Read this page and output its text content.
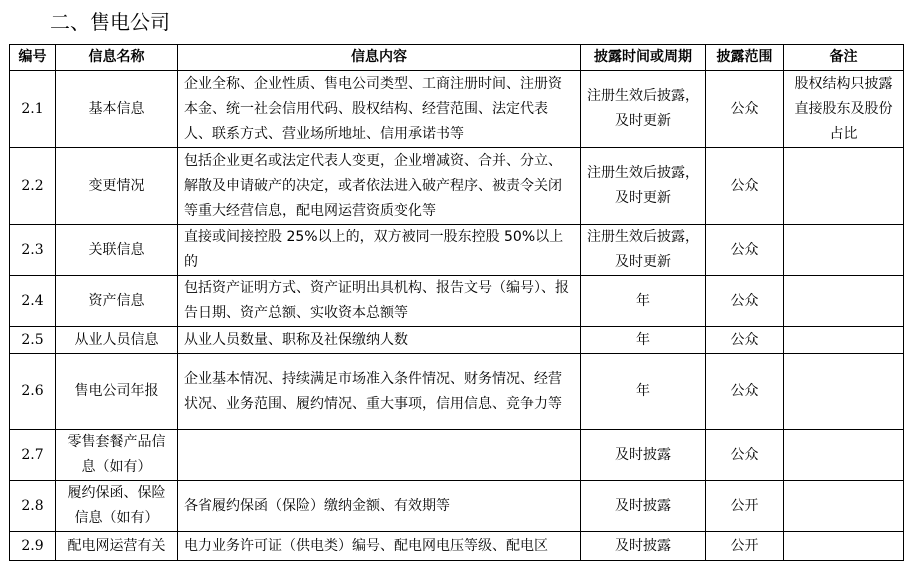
二、售电公司
编号	信息名称	信息内容	披露时间或周期	披露范围	备注
2.1	基本信息	企业全称、企业性质、售电公司类型、工商注册时间、注册资本金、统一社会信用代码、股权结构、经营范围、法定代表人、联系方式、营业场所地址、信用承诺书等	注册生效后披露，及时更新	公众	股权结构只披露直接股东及股份占比
2.2	变更情况	包括企业更名或法定代表人变更，企业增减资、合并、分立、解散及申请破产的决定，或者依法进入破产程序、被责令关闭等重大经营信息，配电网运营资质变化等	注册生效后披露，及时更新	公众	
2.3	关联信息	直接或间接控股 25%以上的，双方被同一股东控股 50%以上的	注册生效后披露，及时更新	公众	
2.4	资产信息	包括资产证明方式、资产证明出具机构、报告文号（编号）、报告日期、资产总额、实收资本总额等	年	公众	
2.5	从业人员信息	从业人员数量、职称及社保缴纳人数	年	公众	
2.6	售电公司年报	企业基本情况、持续满足市场准入条件情况、财务情况、经营状况、业务范围、履约情况、重大事项，信用信息、竞争力等	年	公众	
2.7	零售套餐产品信息（如有）		及时披露	公众	
2.8	履约保函、保险信息（如有）	各省履约保函（保险）缴纳金额、有效期等	及时披露	公开	
2.9	配电网运营有关	电力业务许可证（供电类）编号、配电网电压等级、配电区	及时披露	公开	
